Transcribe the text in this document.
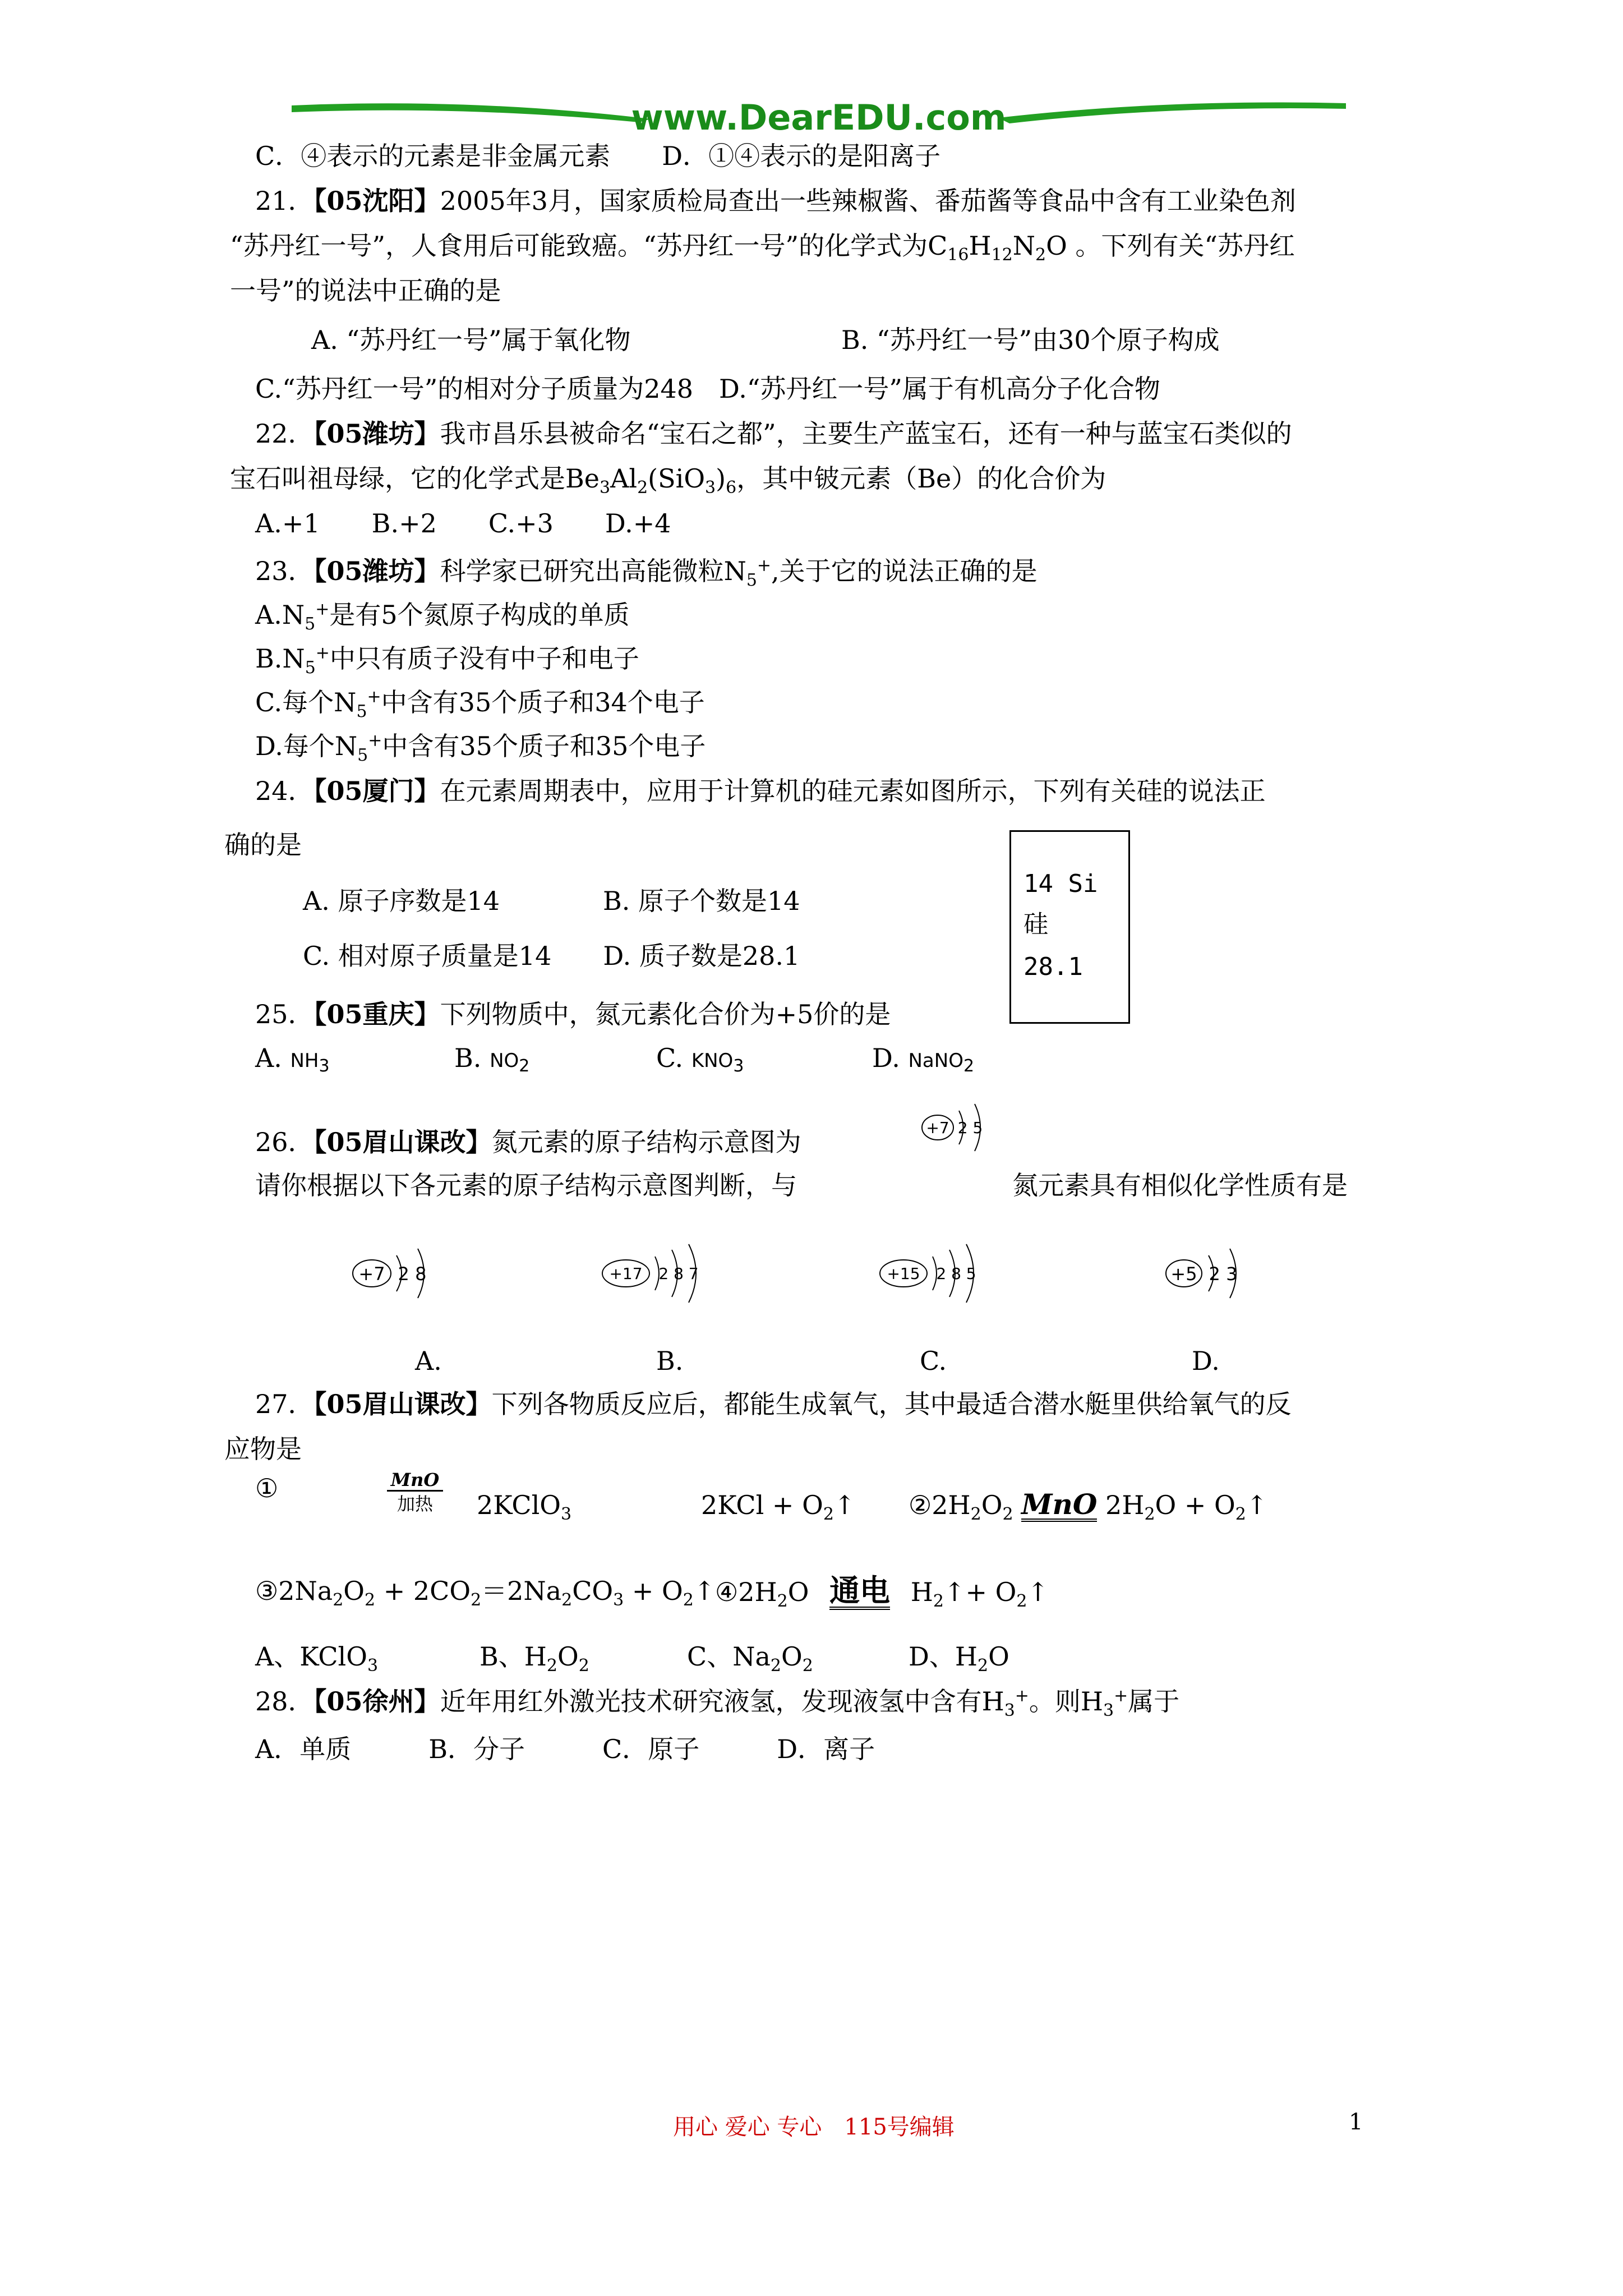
www.DearEDU.com
C．④表示的元素是非金属元素　　D．①④表示的是阳离子
21．【05沈阳】2005年3月，国家质检局查出一些辣椒酱、番茄酱等食品中含有工业染色剂
“苏丹红一号”，人食用后可能致癌。“苏丹红一号”的化学式为$C_{16}H_{12}N_2O$ 。下列有关“苏丹红
一号”的说法中正确的是
A. “苏丹红一号”属于氧化物	B. “苏丹红一号”由30个原子构成
C.“苏丹红一号”的相对分子质量为248　D.“苏丹红一号”属于有机高分子化合物
22．【05潍坊】我市昌乐县被命名“宝石之都”，主要生产蓝宝石，还有一种与蓝宝石类似的
宝石叫祖母绿，它的化学式是$Be_3Al_2(SiO_3)_6$，其中铍元素（Be）的化合价为
A.+1　　B.+2　　C.+3　　D.+4
23．【05潍坊】科学家已研究出高能微粒$N_5^+$,关于它的说法正确的是
$A.N_5^+$是有5个氮原子构成的单质
$B.N_5^+$中只有质子没有中子和电子
C.每个$N_5^+$中含有35个质子和34个电子
D.每个$N_5^+$中含有35个质子和35个电子
24．【05厦门】在元素周期表中，应用于计算机的硅元素如图所示，下列有关硅的说法正
确的是
A. 原子序数是14　　　　B. 原子个数是14
C. 相对原子质量是14　　D. 质子数是28.1
14 Si
硅
28.1
25．【05重庆】下列物质中，氮元素化合价为+5价的是
A. $NH_3$	B. $NO_2$	C. $KNO_3$	D. NaNO$_2$
26．【05眉山课改】氮元素的原子结构示意图为
请你根据以下各元素的原子结构示意图判断，与	氮元素具有相似化学性质有是
+7 2 5
+7 2 8	+17 2 8 7	+15 2 8 5	+5 2 3
A.	B.	C.	D.
27．【05眉山课改】下列各物质反应后，都能生成氧气，其中最适合潜水艇里供给氧气的反
应物是
①	MnO
加热	2KClO$_3$	$2KCl + O_2↑$ $②2H_2O_2$ MnO $2H_2O$ + $O_2↑$
$③2Na_2O_2 + 2CO_2=2Na_2CO_3$ + $O_2↑$ $④2H_2O$ 通电 $H_2↑+$ $O_2↑$
A、KClO$_3$	B、$H_2O_2$	C、$Na_2O_2$	D、$H_2O$
28．【05徐州】近年用红外激光技术研究液氢，发现液氢中含有$H_3^+$。则$H_3^+$属于
A．单质　　　B．分子　　　C．原子　　　D．离子
用心 爱心 专心　115号编辑	1
